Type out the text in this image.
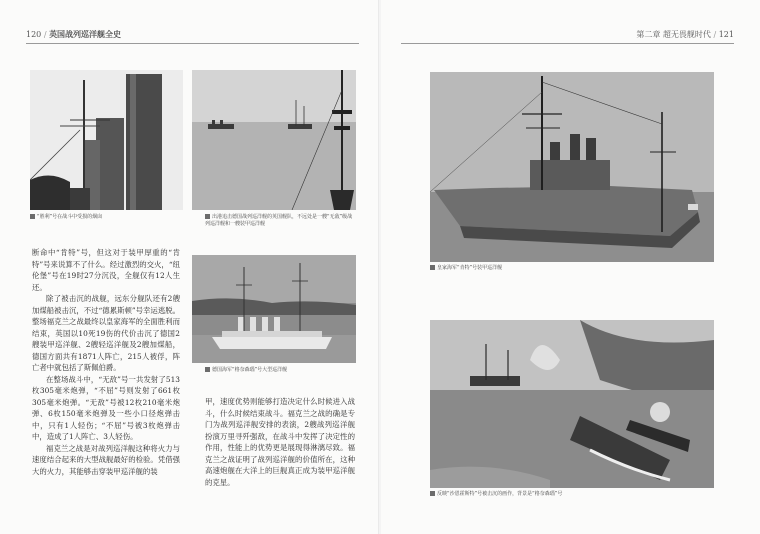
120 / 英国战列巡洋舰全史
“胜利”号在战斗中受损的烟囱	出港追击德国战列巡洋舰的英国舰队，不远处是一艘“无敌”级战列巡洋舰和一艘装甲巡洋舰
德国海军“格奈森瑙”号大型巡洋舰

断命中“肯特”号，但这对于装甲厚重的“肯特”号来说算不了什么。经过激烈的交火，“纽伦堡”号在19时27分沉没，全舰仅有12人生还。

除了被击沉的战舰，远东分舰队还有2艘加煤船被击沉，不过“德累斯顿”号幸运逃脱。整场福克兰之战最终以皇家海军的全面胜利而结束，英国以10死19伤的代价击沉了德国2艘装甲巡洋舰、2艘轻巡洋舰及2艘加煤船，德国方面共有1871人阵亡，215人被俘，阵亡者中就包括了斯佩伯爵。

在整场战斗中，“无敌”号一共发射了513枚305毫米炮弹，“不屈”号则发射了661枚305毫米炮弹。“无敌”号被12枚210毫米炮弹、6枚150毫米炮弹及一些小口径炮弹击中，只有1人轻伤；“不屈”号被3枚炮弹击中，造成了1人阵亡、3人轻伤。

福克兰之战是对战列巡洋舰这种将火力与速度结合起来的大型战舰最好的检验。凭借强大的火力，其能够击穿装甲巡洋舰的装

甲，速度优势则能够打造决定什么时候进入战斗，什么时候结束战斗。福克兰之战的确是专门为战列巡洋舰安排的表演，2艘战列巡洋舰扮演万里寻歼强敌，在战斗中发挥了决定性的作用，性能上的优势更是展现得淋漓尽致。福克兰之战证明了战列巡洋舰的价值所在，这种高速炮舰在大洋上的巨舰真正成为装甲巡洋舰的克星。

第二章 超无畏舰时代 / 121
皇家海军“肯特”号装甲巡洋舰
反映“沙恩霍斯特”号被击沉的画作，背景是“格奈森瑙”号
